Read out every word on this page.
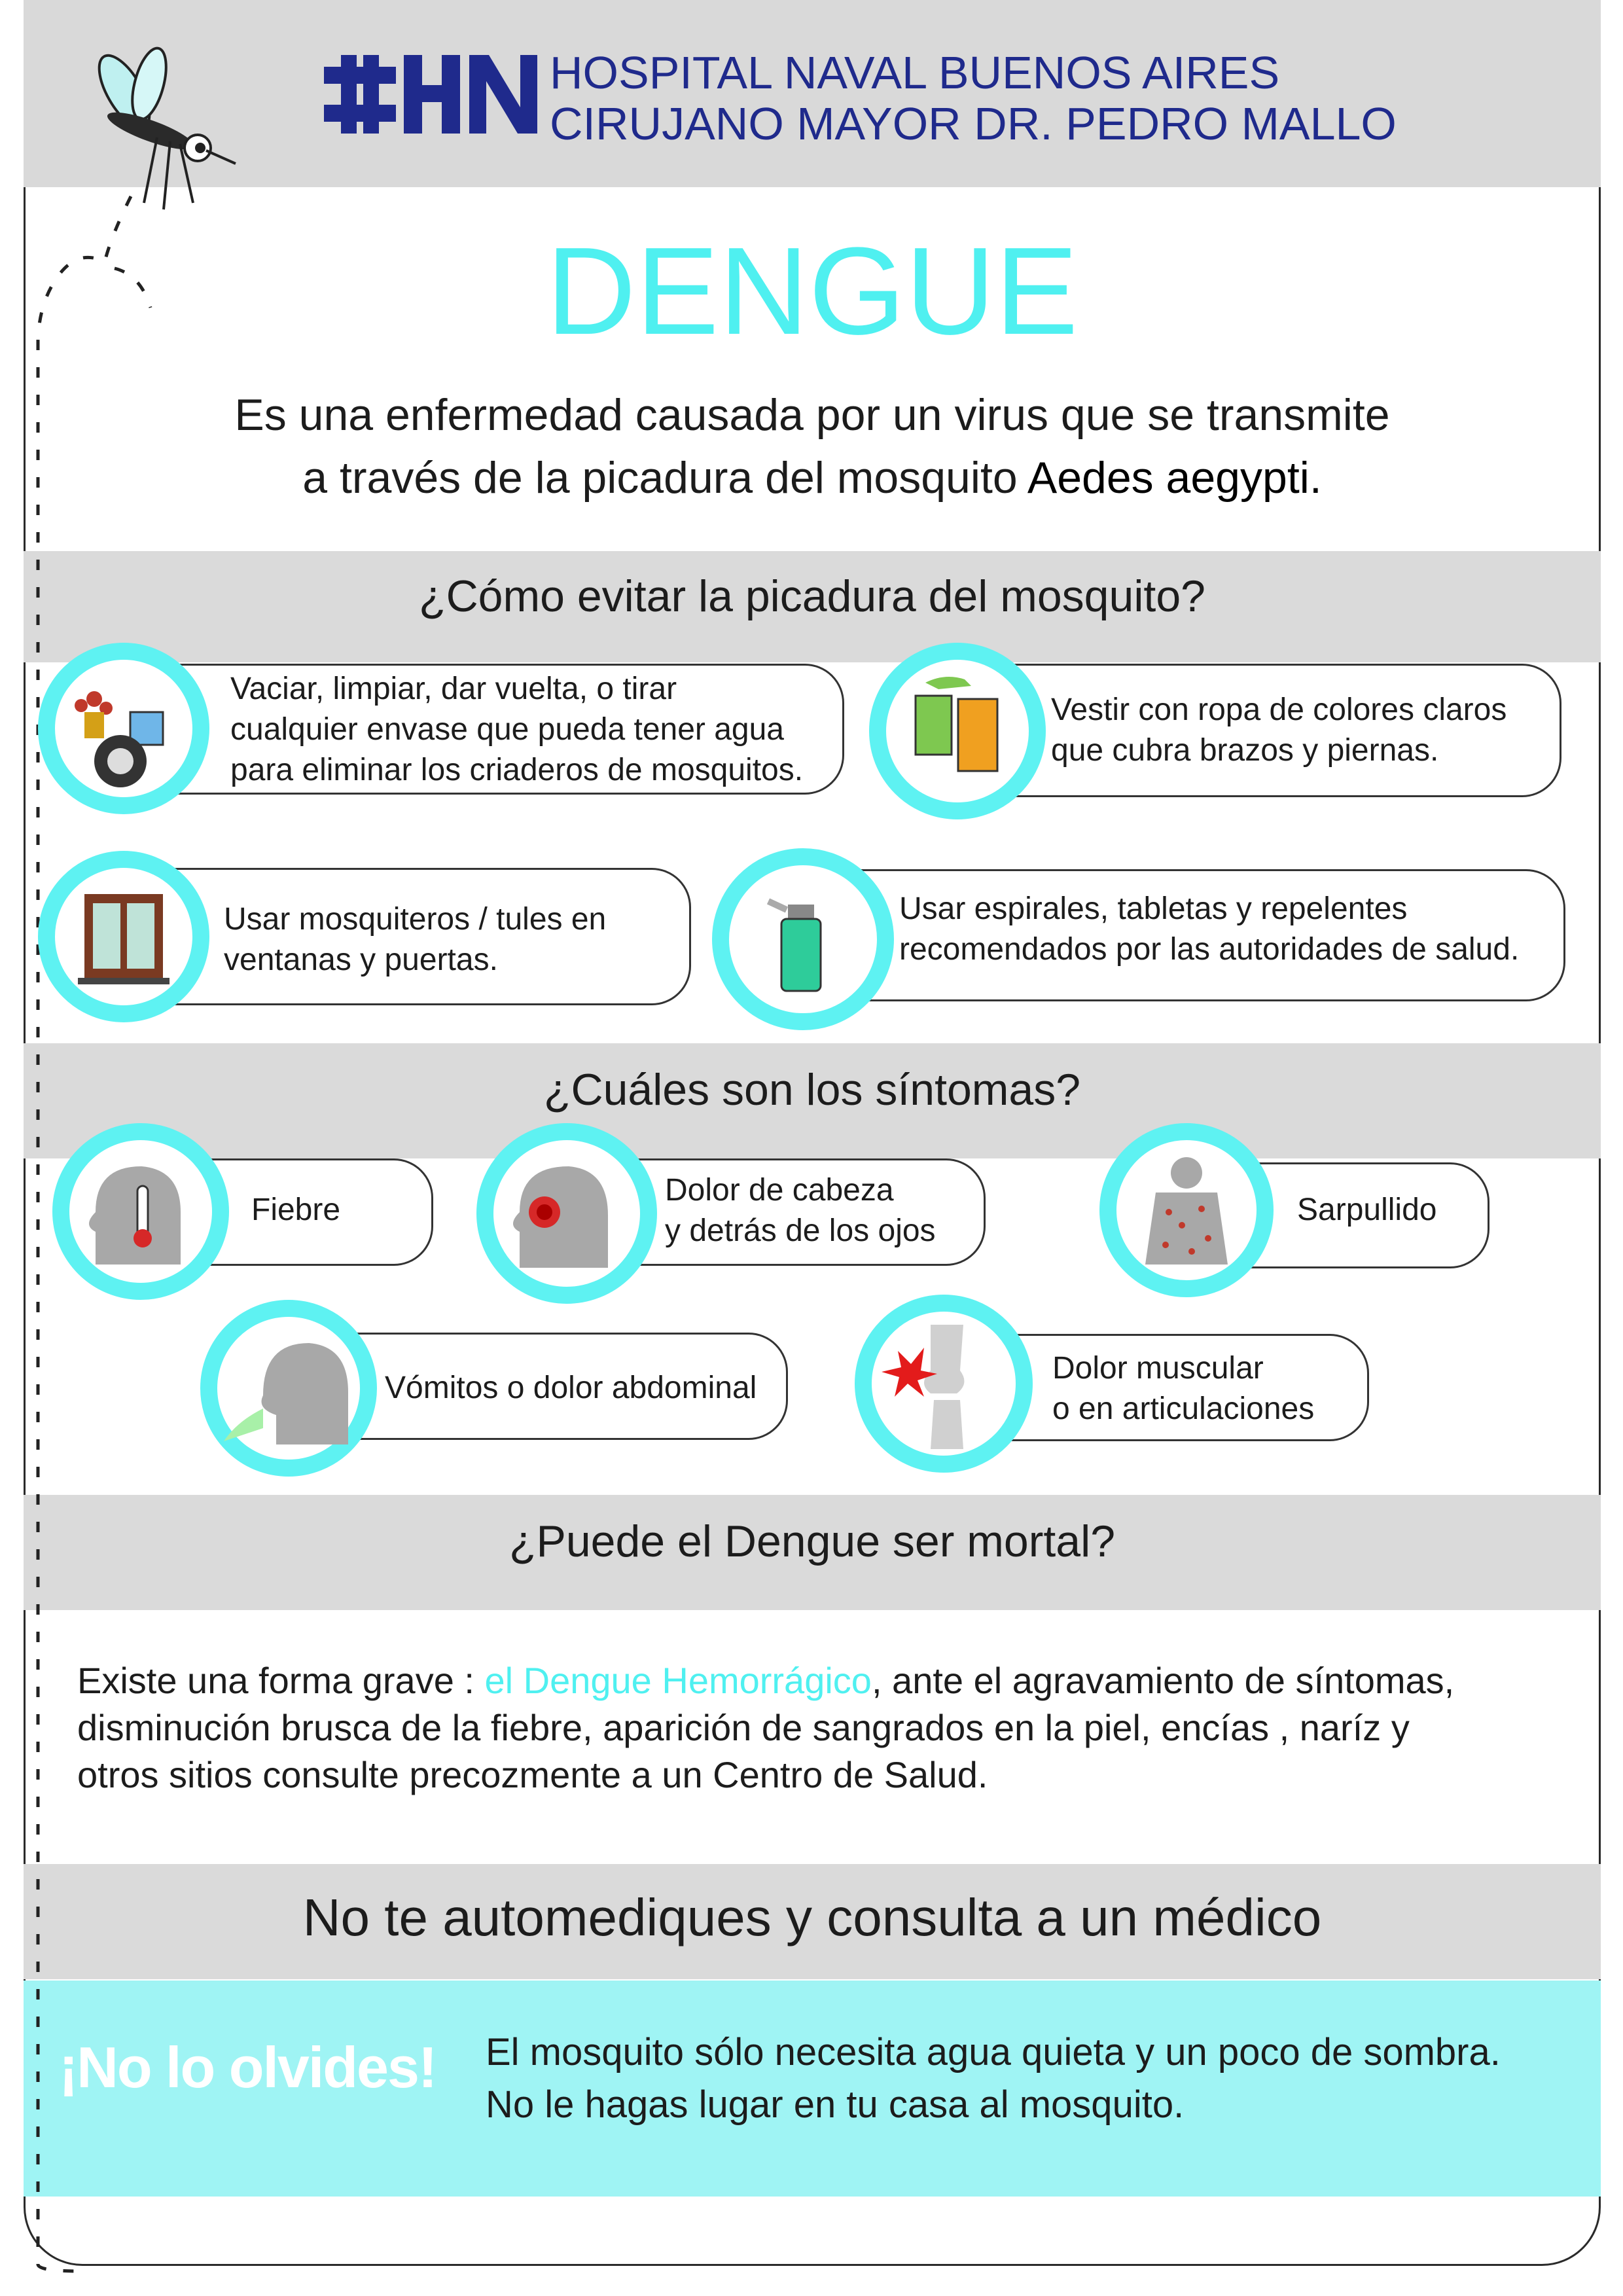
HOSPITAL NAVAL BUENOS AIRES
CIRUJANO MAYOR DR. PEDRO MALLO
DENGUE
Es una enfermedad causada por un virus que se transmite
a través de la picadura del mosquito Aedes aegypti.
¿Cómo evitar la picadura del mosquito?
Vaciar, limpiar, dar vuelta, o tirar
cualquier envase que pueda tener agua
para eliminar los criaderos de mosquitos.
Vestir con ropa de colores claros
que cubra brazos y piernas.
Usar mosquiteros / tules en
ventanas y puertas.
Usar espirales, tabletas y repelentes
recomendados por las autoridades de salud.
¿Cuáles son los síntomas?
Fiebre
Dolor de cabeza
y detrás de los ojos
Sarpullido
Vómitos o dolor abdominal
Dolor muscular
o en articulaciones
¿Puede el Dengue ser mortal?
Existe una forma grave : el Dengue Hemorrágico, ante el agravamiento de síntomas,
disminución brusca de la fiebre, aparición de sangrados en la piel, encías , naríz y
otros sitios consulte precozmente a un Centro de Salud.
No te automediques y consulta a un médico
¡No lo olvides! El mosquito sólo necesita agua quieta y un poco de sombra.
No le hagas lugar en tu casa al mosquito.
